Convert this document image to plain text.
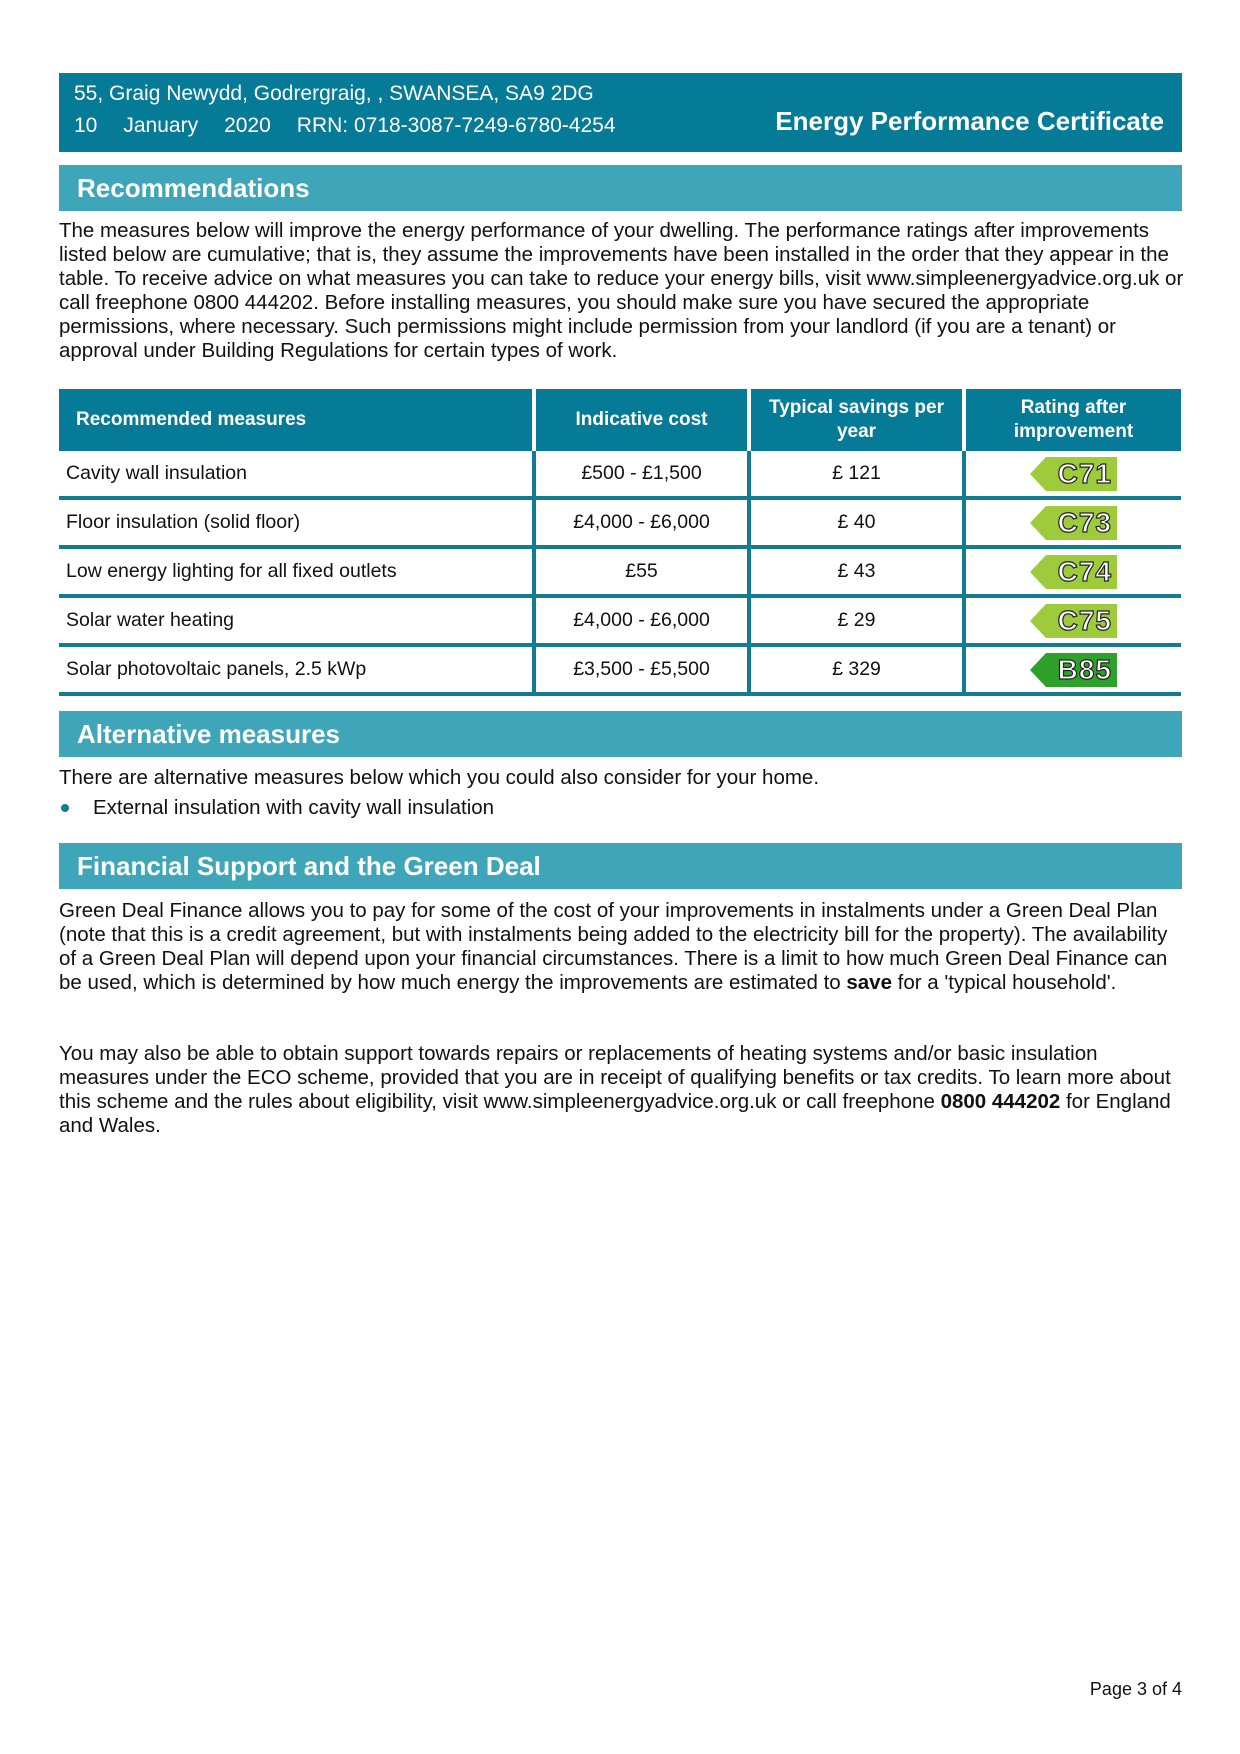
55, Graig Newydd, Godrergraig, , SWANSEA, SA9 2DG
10 January 2020 RRN: 0718-3087-7249-6780-4254	Energy Performance Certificate
Recommendations

The measures below will improve the energy performance of your dwelling. The performance ratings after improvements listed below are cumulative; that is, they assume the improvements have been installed in the order that they appear in the table. To receive advice on what measures you can take to reduce your energy bills, visit www.simpleenergyadvice.org.uk or call freephone 0800 444202. Before installing measures, you should make sure you have secured the appropriate permissions, where necessary. Such permissions might include permission from your landlord (if you are a tenant) or approval under Building Regulations for certain types of work.

Recommended measures	Indicative cost	Typical savings per year	Rating after improvement
Cavity wall insulation	£500 - £1,500	£ 121	C71

Floor insulation (solid floor)	£4,000 - £6,000	£ 40	C73

Low energy lighting for all fixed outlets	£55	£ 43	C74

Solar water heating	£4,000 - £6,000	£ 29	C75

Solar photovoltaic panels, 2.5 kWp	£3,500 - £5,500	£ 329	B85
Alternative measures

There are alternative measures below which you could also consider for your home.

External insulation with cavity wall insulation
Financial Support and the Green Deal

Green Deal Finance allows you to pay for some of the cost of your improvements in instalments under a Green Deal Plan (note that this is a credit agreement, but with instalments being added to the electricity bill for the property). The availability of a Green Deal Plan will depend upon your financial circumstances. There is a limit to how much Green Deal Finance can be used, which is determined by how much energy the improvements are estimated to save for a 'typical household'.

You may also be able to obtain support towards repairs or replacements of heating systems and/or basic insulation measures under the ECO scheme, provided that you are in receipt of qualifying benefits or tax credits. To learn more about this scheme and the rules about eligibility, visit www.simpleenergyadvice.org.uk or call freephone 0800 444202 for England and Wales.

Page 3 of 4
